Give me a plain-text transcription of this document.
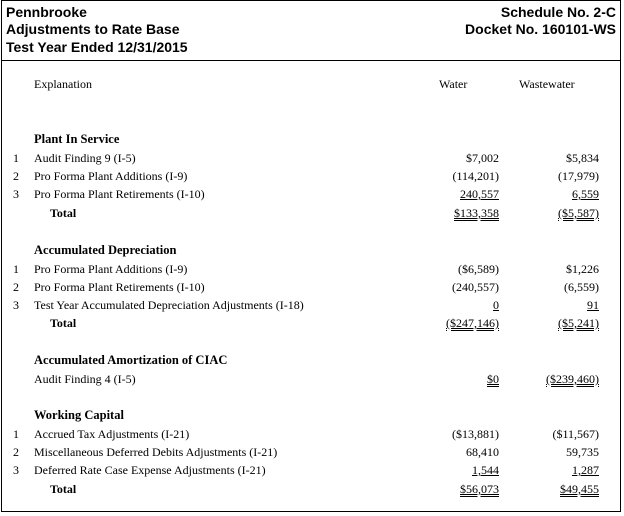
Pennbrooke
Adjustments to Rate Base
Test Year Ended 12/31/2015
Schedule No. 2-C
Docket No. 160101-WS
Explanation	Water	Wastewater
Plant In Service
1 Audit Finding 9 (I-5)	$7,002	$5,834
2 Pro Forma Plant Additions (I-9)	(114,201)	(17,979)
3 Pro Forma Plant Retirements (I-10)	240,557	6,559
Total	$133,358	($5,587)
Accumulated Depreciation
1 Pro Forma Plant Additions (I-9)	($6,589)	$1,226
2 Pro Forma Plant Retirements (I-10)	(240,557)	(6,559)
3 Test Year Accumulated Depreciation Adjustments (I-18)	0	91
Total	($247,146)	($5,241)
Accumulated Amortization of CIAC
Audit Finding 4 (I-5)	$0	($239,460)
Working Capital
1 Accrued Tax Adjustments (I-21)	($13,881)	($11,567)
2 Miscellaneous Deferred Debits Adjustments (I-21)	68,410	59,735
3 Deferred Rate Case Expense Adjustments (I-21)	1,544	1,287
Total	$56,073	$49,455
